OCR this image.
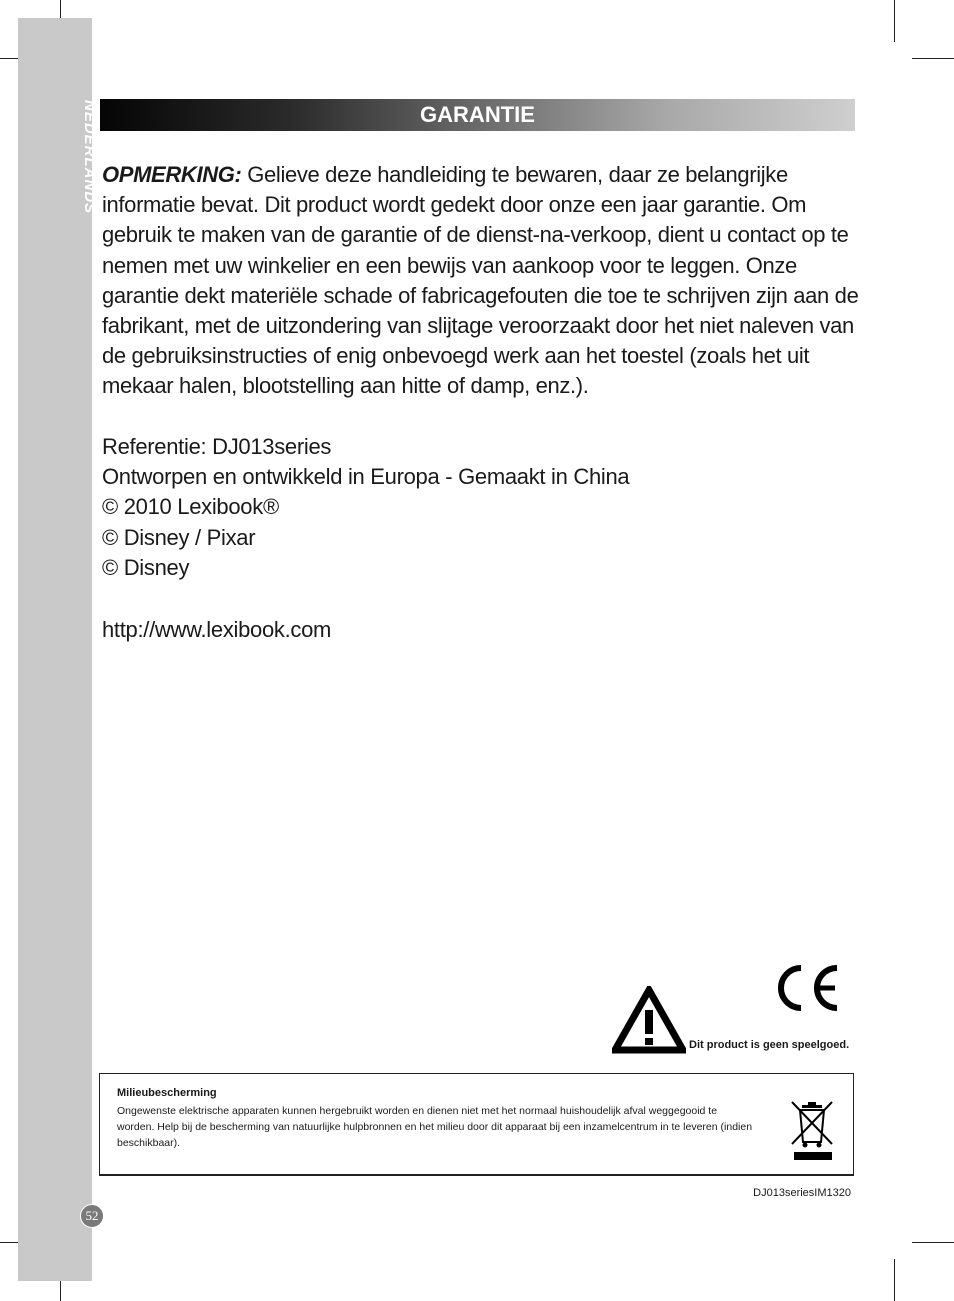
NEDERLANDS	GARANTIE

OPMERKING: Gelieve deze handleiding te bewaren, daar ze belangrijke informatie bevat. Dit product wordt gedekt door onze een jaar garantie. Om gebruik te maken van de garantie of de dienst-na-verkoop, dient u contact op te nemen met uw winkelier en een bewijs van aankoop voor te leggen. Onze garantie dekt materiële schade of fabricagefouten die toe te schrijven zijn aan de fabrikant, met de uitzondering van slijtage veroorzaakt door het niet naleven van de gebruiksinstructies of enig onbevoegd werk aan het toestel (zoals het uit mekaar halen, blootstelling aan hitte of damp, enz.).

Referentie: DJ013series
Ontworpen en ontwikkeld in Europa - Gemaakt in China
© 2010 Lexibook®
© Disney / Pixar
© Disney
http://www.lexibook.com
Dit product is geen speelgoed.
Milieubescherming

Ongewenste elektrische apparaten kunnen hergebruikt worden en dienen niet met het normaal huishoudelijk afval weggegooid te worden. Help bij de bescherming van natuurlijke hulpbronnen en het milieu door dit apparaat bij een inzamelcentrum in te leveren (indien beschikbaar).

DJ013seriesIM1320
52
